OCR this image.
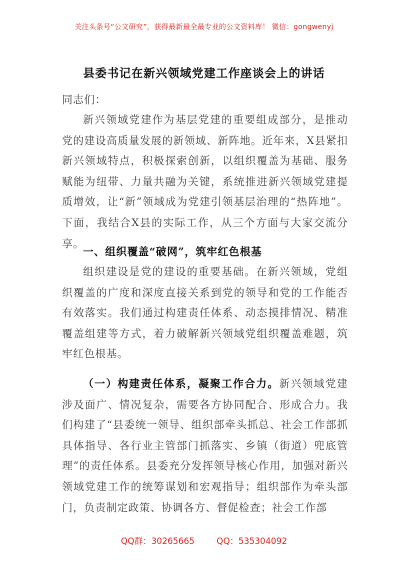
关注头条号“公文研究”，获得最新最全最专业的公文资料库！ 微信：gongwenyj
县委书记在新兴领域党建工作座谈会上的讲话
同志们：
新兴领域党建作为基层党建的重要组成部分，是推动党的建设高质量发展的新领域、新阵地。近年来，X县紧扣新兴领域特点，积极探索创新，以组织覆盖为基础、服务赋能为纽带、力量共融为关键，系统推进新兴领域党建提质增效，让“新”领域成为党建引领基层治理的“热阵地”。下面，我结合X县的实际工作，从三个方面与大家交流分享。
一、组织覆盖“破网”，筑牢红色根基
组织建设是党的建设的重要基础。在新兴领域，党组织覆盖的广度和深度直接关系到党的领导和党的工作能否有效落实。我们通过构建责任体系、动态摸排情况、精准覆盖组建等方式，着力破解新兴领域党组织覆盖难题，筑牢红色根基。
（一）构建责任体系，凝聚工作合力。新兴领域党建涉及面广、情况复杂，需要各方协同配合、形成合力。我们构建了“县委统一领导、组织部牵头抓总、社会工作部抓具体指导、各行业主管部门抓落实、乡镇（街道）兜底管理”的责任体系。县委充分发挥领导核心作用，加强对新兴领域党建工作的统筹谋划和宏观指导；组织部作为牵头部门，负责制定政策、协调各方、督促检查；社会工作部
QQ群：30265665	QQ：535304092
